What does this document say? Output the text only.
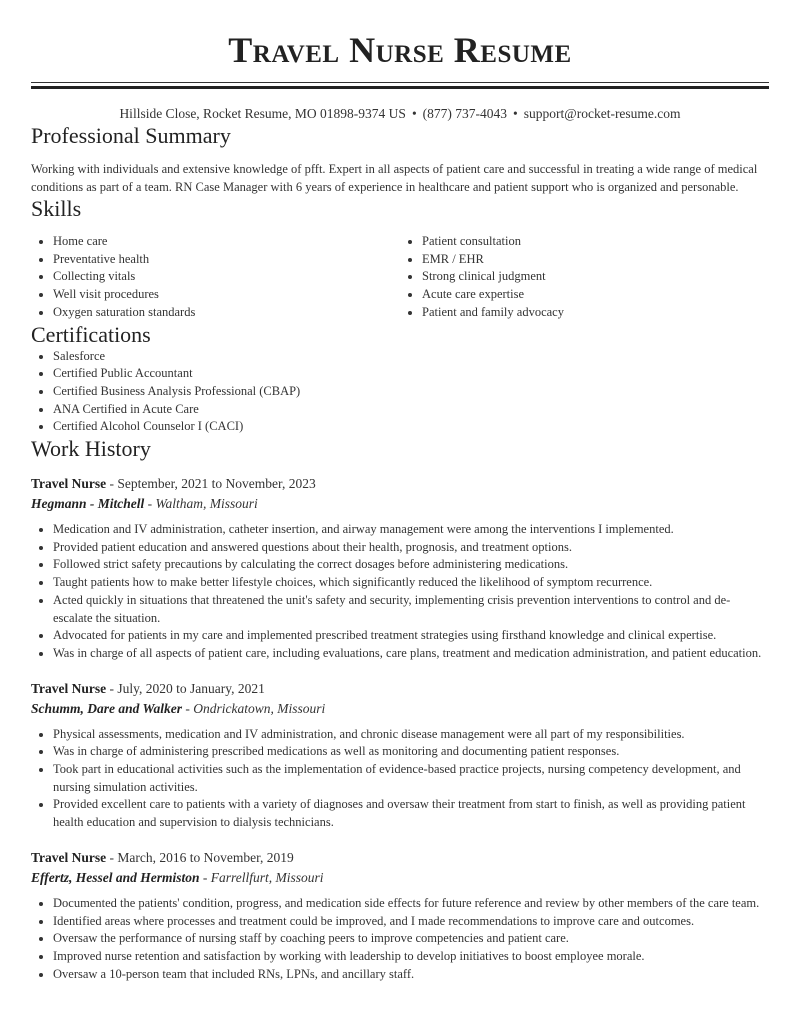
Travel Nurse Resume
Hillside Close, Rocket Resume, MO 01898-9374 US • (877) 737-4043 • support@rocket-resume.com
Professional Summary

Working with individuals and extensive knowledge of pfft. Expert in all aspects of patient care and successful in treating a wide range of medical conditions as part of a team. RN Case Manager with 6 years of experience in healthcare and patient support who is organized and personable.

Skills
• Home care
• Preventative health
• Collecting vitals
• Well visit procedures
• Oxygen saturation standards
• Patient consultation
• EMR / EHR
• Strong clinical judgment
• Acute care expertise
• Patient and family advocacy
Certifications
• Salesforce
• Certified Public Accountant
• Certified Business Analysis Professional (CBAP)
• ANA Certified in Acute Care
• Certified Alcohol Counselor I (CACI)
Work History
Travel Nurse - September, 2021 to November, 2023
Hegmann - Mitchell - Waltham, Missouri
• Medication and IV administration, catheter insertion, and airway management were among the interventions I implemented.
• Provided patient education and answered questions about their health, prognosis, and treatment options.
• Followed strict safety precautions by calculating the correct dosages before administering medications.
• Taught patients how to make better lifestyle choices, which significantly reduced the likelihood of symptom recurrence.
• Acted quickly in situations that threatened the unit's safety and security, implementing crisis prevention interventions to control and de-escalate the situation.
• Advocated for patients in my care and implemented prescribed treatment strategies using firsthand knowledge and clinical expertise.
• Was in charge of all aspects of patient care, including evaluations, care plans, treatment and medication administration, and patient education.
Travel Nurse - July, 2020 to January, 2021
Schumm, Dare and Walker - Ondrickatown, Missouri
• Physical assessments, medication and IV administration, and chronic disease management were all part of my responsibilities.
• Was in charge of administering prescribed medications as well as monitoring and documenting patient responses.
• Took part in educational activities such as the implementation of evidence-based practice projects, nursing competency development, and nursing simulation activities.
• Provided excellent care to patients with a variety of diagnoses and oversaw their treatment from start to finish, as well as providing patient health education and supervision to dialysis technicians.
Travel Nurse - March, 2016 to November, 2019
Effertz, Hessel and Hermiston - Farrellfurt, Missouri
• Documented the patients' condition, progress, and medication side effects for future reference and review by other members of the care team.
• Identified areas where processes and treatment could be improved, and I made recommendations to improve care and outcomes.
• Oversaw the performance of nursing staff by coaching peers to improve competencies and patient care.
• Improved nurse retention and satisfaction by working with leadership to develop initiatives to boost employee morale.
• Oversaw a 10-person team that included RNs, LPNs, and ancillary staff.
